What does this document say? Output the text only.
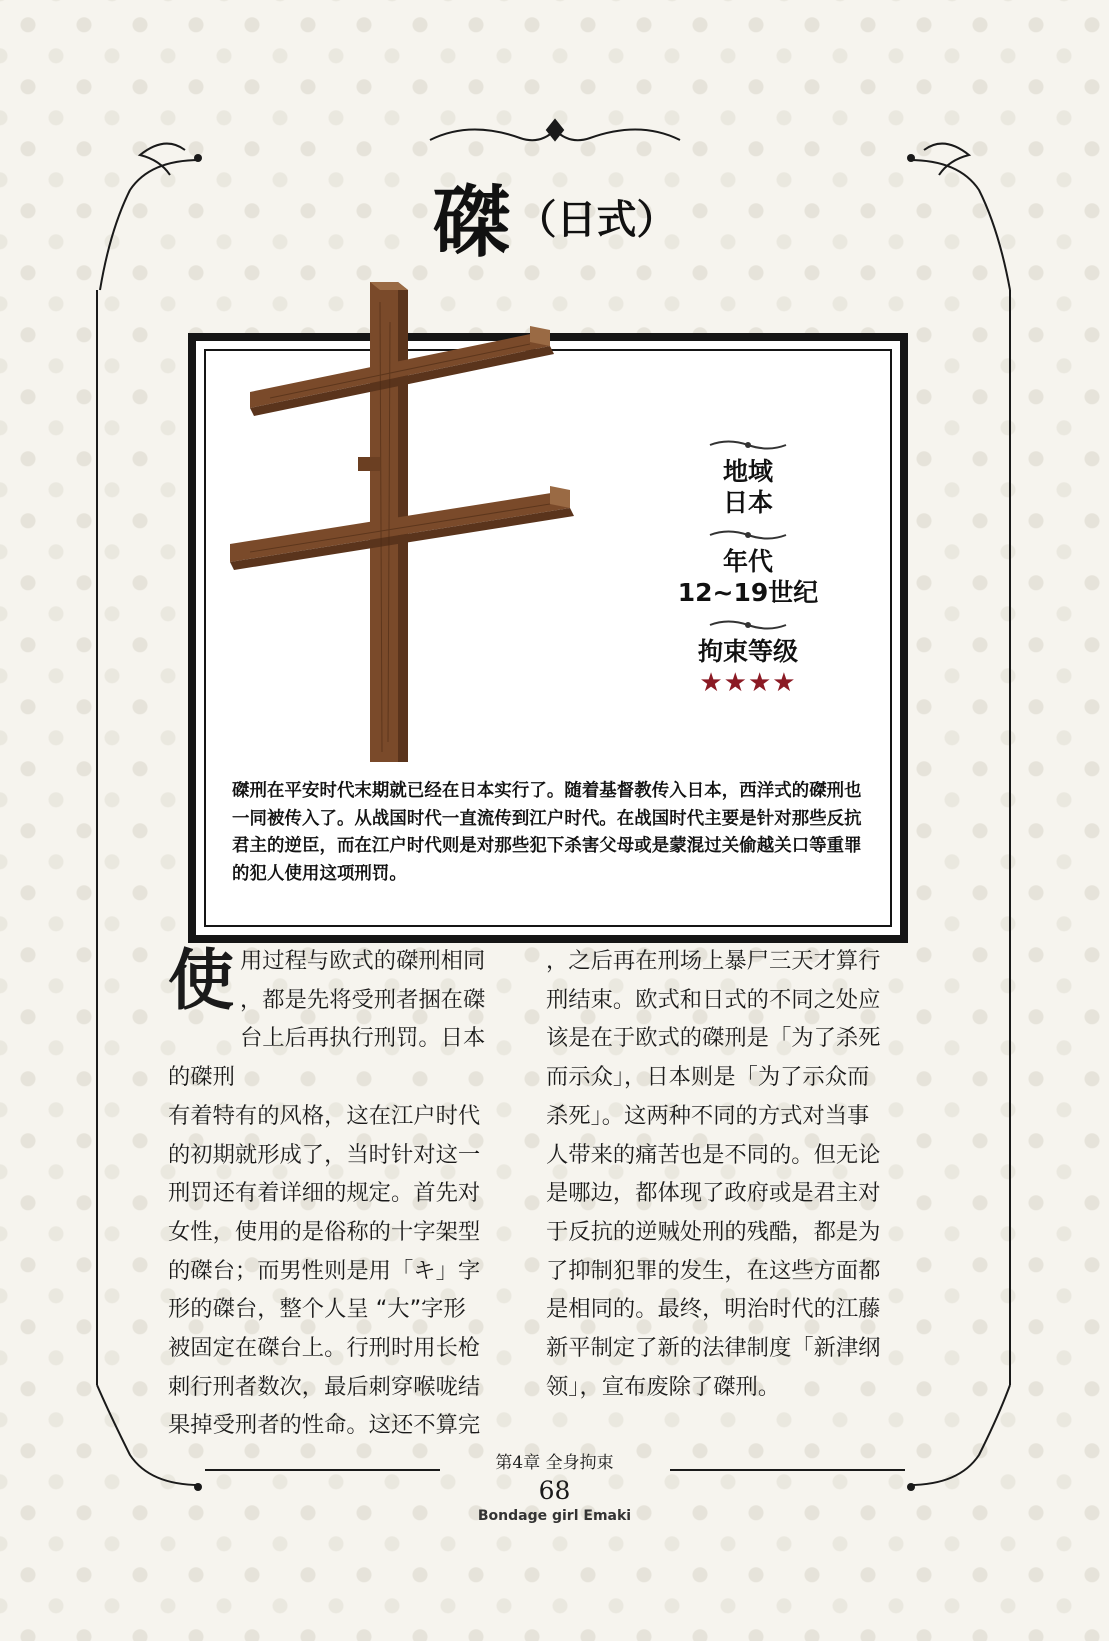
磔 （日式）
地域
日本
年代
12~19世纪
拘束等级
★★★★
磔刑在平安时代末期就已经在日本实行了。随着基督教传入日本，西洋式的磔刑也一同被传入了。从战国时代一直流传到江户时代。在战国时代主要是针对那些反抗君主的逆臣，而在江户时代则是对那些犯下杀害父母或是蒙混过关偷越关口等重罪的犯人使用这项刑罚。
使用过程与欧式的磔刑相同
，都是先将受刑者捆在磔
台上后再执行刑罚。日本的磔刑
有着特有的风格，这在江户时代
的初期就形成了，当时针对这一
刑罚还有着详细的规定。首先对
女性，使用的是俗称的十字架型
的磔台；而男性则是用「キ」字
形的磔台，整个人呈 “大”字形
被固定在磔台上。行刑时用长枪
刺行刑者数次，最后刺穿喉咙结
果掉受刑者的性命。这还不算完
，之后再在刑场上暴尸三天才算行
刑结束。欧式和日式的不同之处应
该是在于欧式的磔刑是「为了杀死
而示众」，日本则是「为了示众而
杀死」。这两种不同的方式对当事
人带来的痛苦也是不同的。但无论
是哪边，都体现了政府或是君主对
于反抗的逆贼处刑的残酷，都是为
了抑制犯罪的发生，在这些方面都
是相同的。最终，明治时代的江藤
新平制定了新的法律制度「新津纲
领」，宣布废除了磔刑。
第4章 全身拘束
68
Bondage girl Emaki
